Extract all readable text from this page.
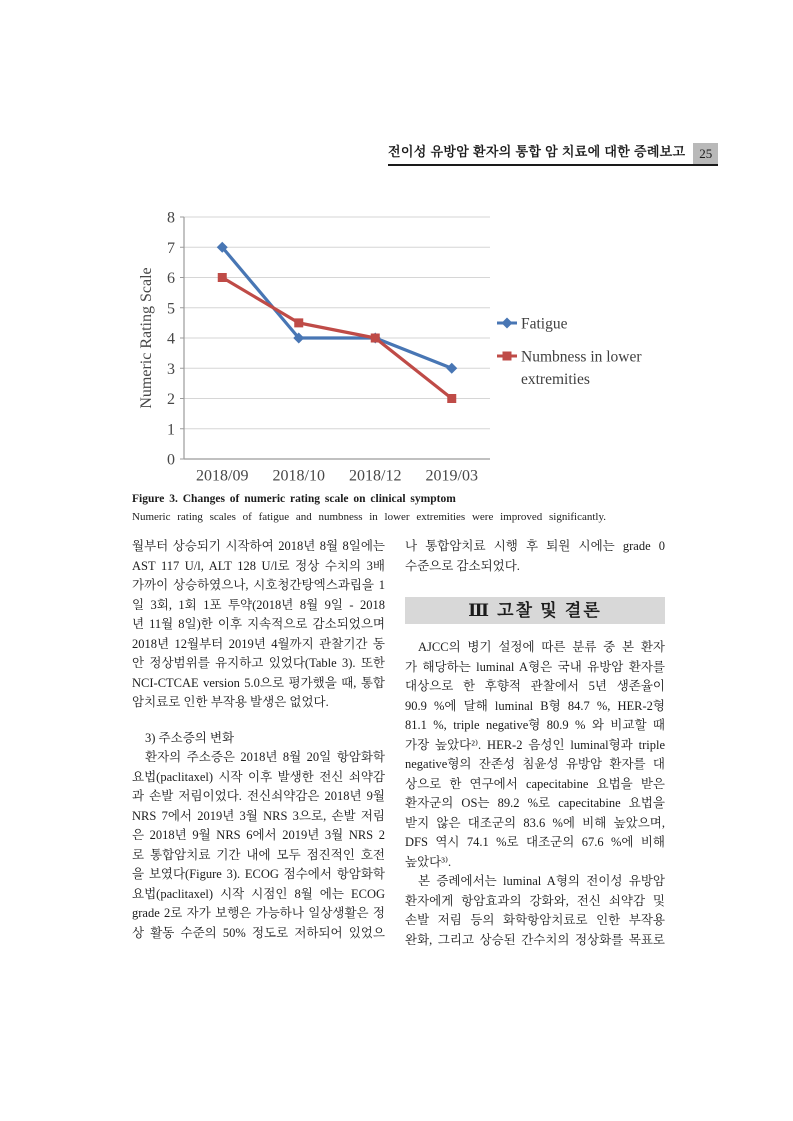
전이성 유방암 환자의 통합 암 치료에 대한 증례보고 25
0
1
2
3
4
5
6
7
8
2018/09 2018/10 2018/12 2019/03
Numeric Rating Scale	Fatigue
Numbness in lower
extremities
Figure 3. Changes of numeric rating scale on clinical symptom
Numeric rating scales of fatigue and numbness in lower extremities were improved significantly.
월부터 상승되기 시작하여 2018년 8월 8일에는
AST 117 U/l, ALT 128 U/l로 정상 수치의 3배
가까이 상승하였으나, 시호청간탕엑스과립을 1
일 3회, 1회 1포 투약(2018년 8월 9일 - 2018
년 11월 8일)한 이후 지속적으로 감소되었으며
2018년 12월부터 2019년 4월까지 관찰기간 동
안 정상범위를 유지하고 있었다(Table 3). 또한
NCI-CTCAE version 5.0으로 평가했을 때, 통합
암치료로 인한 부작용 발생은 없었다.
3) 주소증의 변화
환자의 주소증은 2018년 8월 20일 항암화학
요법(paclitaxel) 시작 이후 발생한 전신 쇠약감
과 손발 저림이었다. 전신쇠약감은 2018년 9월
NRS 7에서 2019년 3월 NRS 3으로, 손발 저림
은 2018년 9월 NRS 6에서 2019년 3월 NRS 2
로 통합암치료 기간 내에 모두 점진적인 호전
을 보였다(Figure 3). ECOG 점수에서 항암화학
요법(paclitaxel) 시작 시점인 8월 에는 ECOG
grade 2로 자가 보행은 가능하나 일상생활은 정
상 활동 수준의 50% 정도로 저하되어 있었으
나 통합암치료 시행 후 퇴원 시에는 grade 0
수준으로 감소되었다.
Ⅲ 고찰 및 결론
AJCC의 병기 설정에 따른 분류 중 본 환자
가 해당하는 luminal A형은 국내 유방암 환자를
대상으로 한 후향적 관찰에서 5년 생존율이
90.9 %에 달해 luminal B형 84.7 %, HER-2형
81.1 %, triple negative형 80.9 % 와 비교할 때
가장 높았다²⁾. HER-2 음성인 luminal형과 triple
negative형의 잔존성 침윤성 유방암 환자를 대
상으로 한 연구에서 capecitabine 요법을 받은
환자군의 OS는 89.2 %로 capecitabine 요법을
받지 않은 대조군의 83.6 %에 비해 높았으며,
DFS 역시 74.1 %로 대조군의 67.6 %에 비해
높았다³⁾.
본 증례에서는 luminal A형의 전이성 유방암
환자에게 항암효과의 강화와, 전신 쇠약감 및
손발 저림 등의 화학항암치료로 인한 부작용
완화, 그리고 상승된 간수치의 정상화를 목표로
